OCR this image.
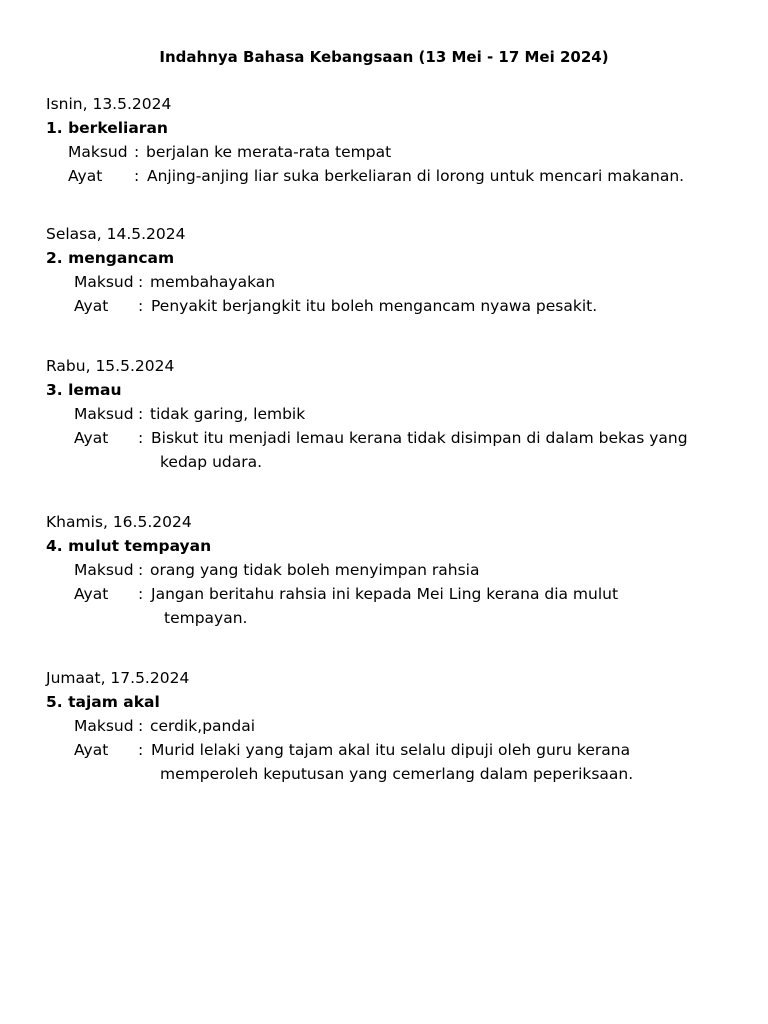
Indahnya Bahasa Kebangsaan (13 Mei - 17 Mei 2024)
Isnin, 13.5.2024
1. berkeliaran
Maksud : berjalan ke merata-rata tempat
Ayat : Anjing-anjing liar suka berkeliaran di lorong untuk mencari makanan.
Selasa, 14.5.2024
2. mengancam
Maksud : membahayakan
Ayat : Penyakit berjangkit itu boleh mengancam nyawa pesakit.
Rabu, 15.5.2024
3. lemau
Maksud : tidak garing, lembik
Ayat : Biskut itu menjadi lemau kerana tidak disimpan di dalam bekas yang
kedap udara.
Khamis, 16.5.2024
4. mulut tempayan
Maksud : orang yang tidak boleh menyimpan rahsia
Ayat : Jangan beritahu rahsia ini kepada Mei Ling kerana dia mulut
tempayan.
Jumaat, 17.5.2024
5. tajam akal
Maksud : cerdik,pandai
Ayat : Murid lelaki yang tajam akal itu selalu dipuji oleh guru kerana
memperoleh keputusan yang cemerlang dalam peperiksaan.
